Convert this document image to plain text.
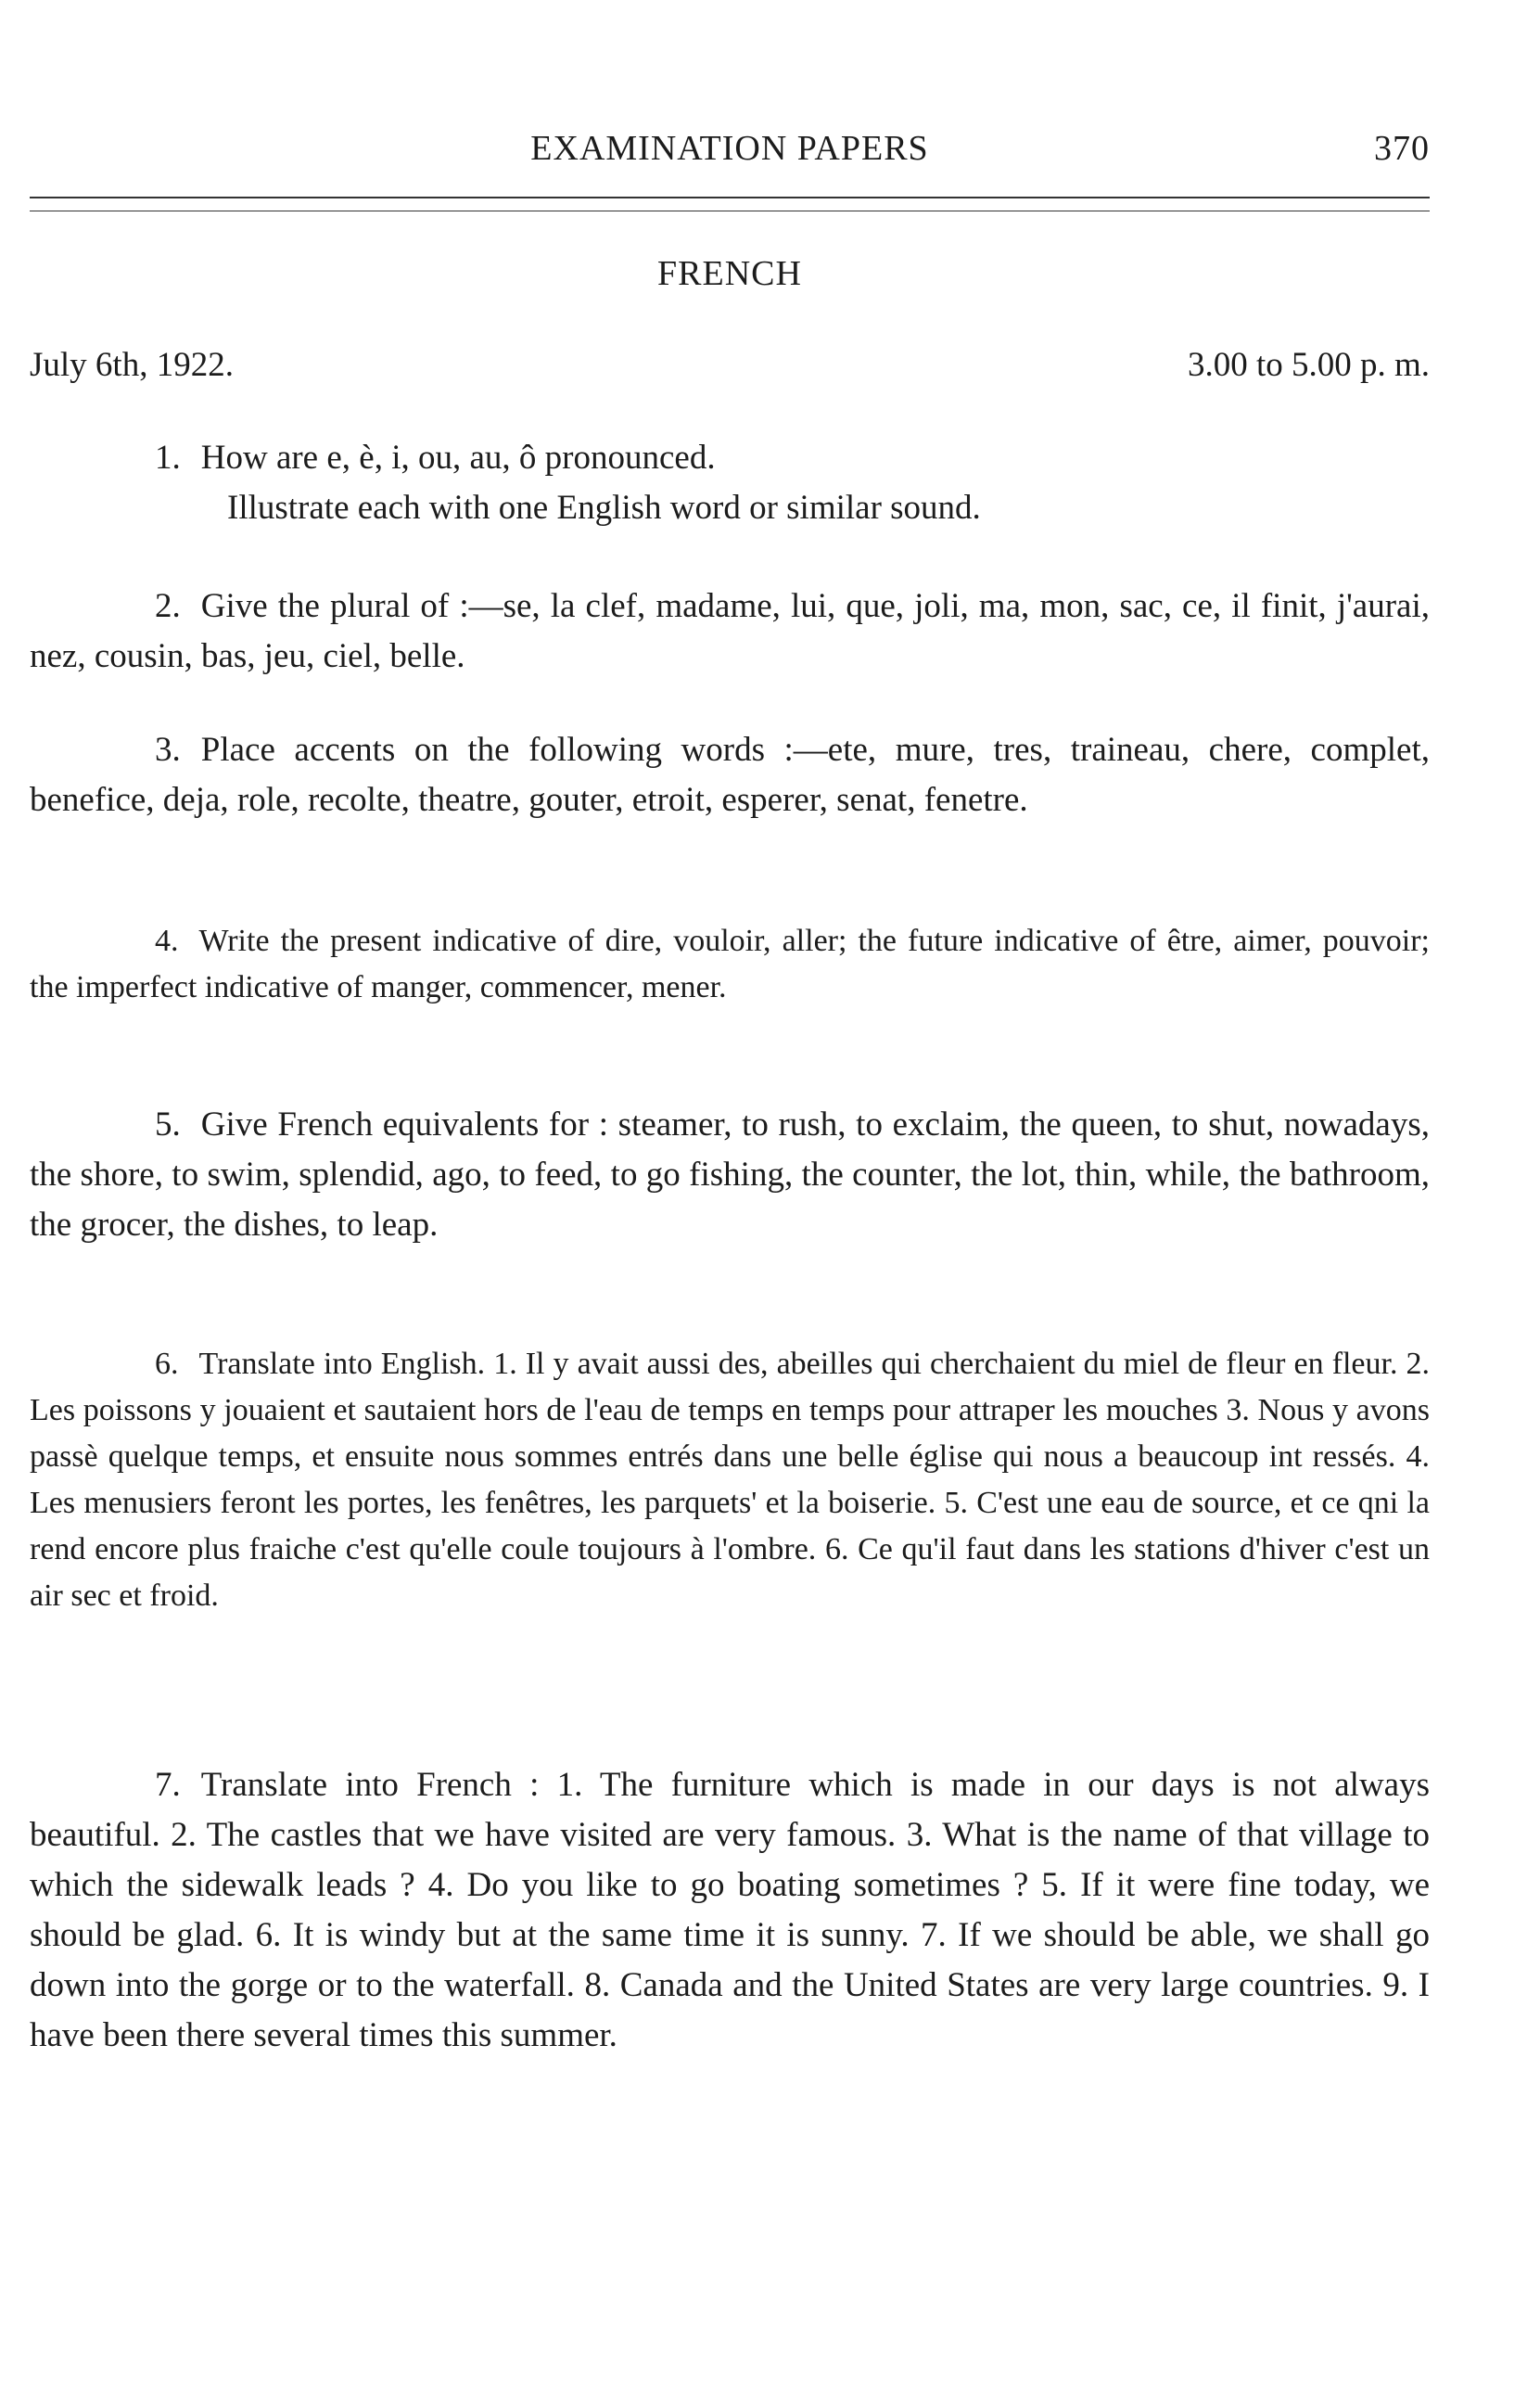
EXAMINATION PAPERS	370
FRENCH
July 6th, 1922.	3.00 to 5.00 p. m.
1. How are e, è, i, ou, au, ô pronounced.
Illustrate each with one English word or similar sound.
2. Give the plural of :—se, la clef, madame, lui, que, joli, ma, mon, sac, ce, il finit, j'aurai, nez, cousin, bas, jeu, ciel, belle.
3. Place accents on the following words :—ete, mure, tres, traineau, chere, complet, benefice, deja, role, recolte, theatre, gouter, etroit, esperer, senat, fenetre.
4. Write the present indicative of dire, vouloir, aller; the future indicative of être, aimer, pouvoir; the imperfect indicative of manger, commencer, mener.
5. Give French equivalents for : steamer, to rush, to exclaim, the queen, to shut, nowadays, the shore, to swim, splendid, ago, to feed, to go fishing, the counter, the lot, thin, while, the bathroom, the grocer, the dishes, to leap.
6. Translate into English. 1. Il y avait aussi des, abeilles qui cherchaient du miel de fleur en fleur. 2. Les poissons y jouaient et sautaient hors de l'eau de temps en temps pour attraper les mouches 3. Nous y avons passè quelque temps, et ensuite nous sommes entrés dans une belle église qui nous a beaucoup int ressés. 4. Les menusiers feront les portes, les fenêtres, les parquets' et la boiserie. 5. C'est une eau de source, et ce qni la rend encore plus fraiche c'est qu'elle coule toujours à l'ombre. 6. Ce qu'il faut dans les stations d'hiver c'est un air sec et froid.
7. Translate into French : 1. The furniture which is made in our days is not always beautiful. 2. The castles that we have visited are very famous. 3. What is the name of that village to which the sidewalk leads ? 4. Do you like to go boating sometimes ? 5. If it were fine today, we should be glad. 6. It is windy but at the same time it is sunny. 7. If we should be able, we shall go down into the gorge or to the waterfall. 8. Canada and the United States are very large countries. 9. I have been there several times this summer.
